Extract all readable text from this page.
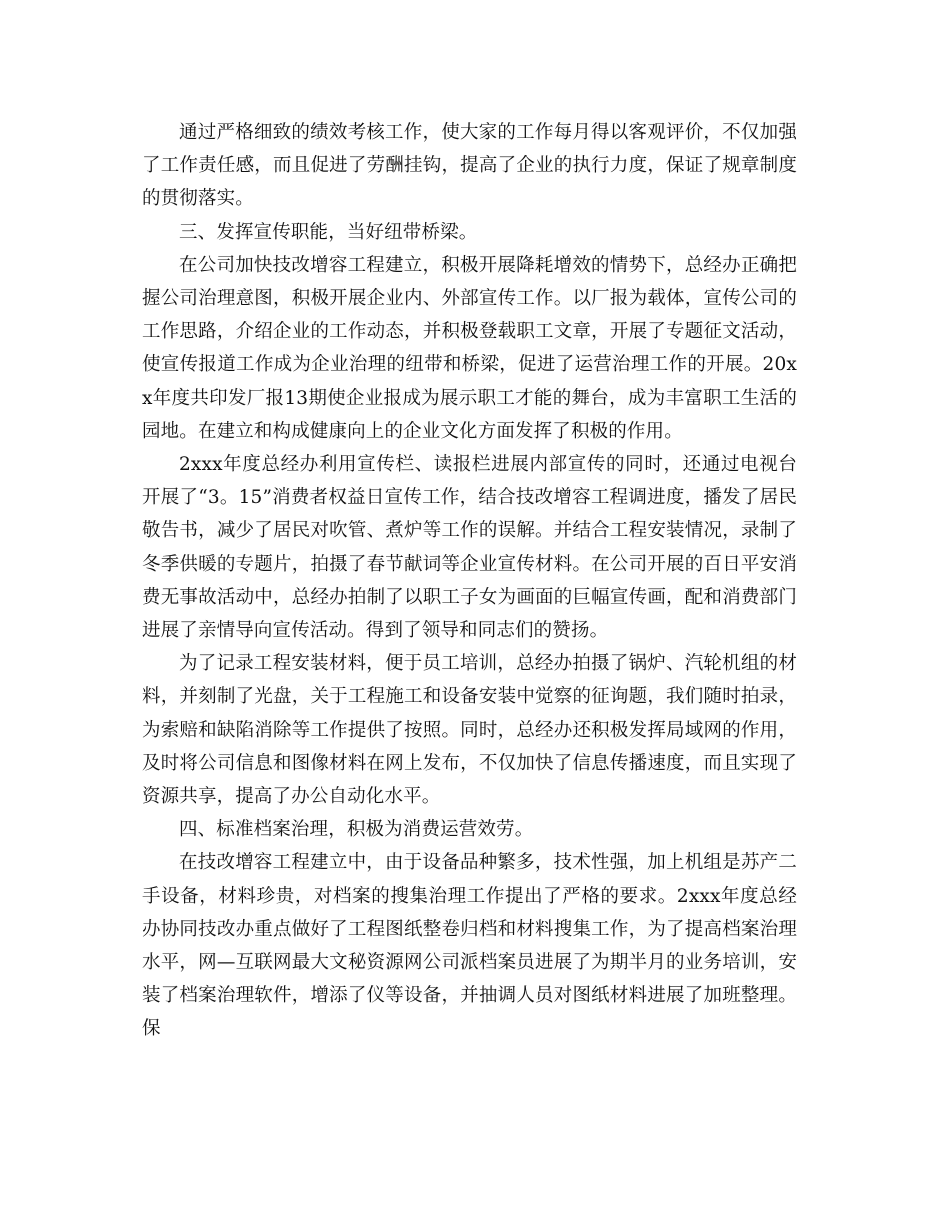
通过严格细致的绩效考核工作，使大家的工作每月得以客观评价，不仅加强了工作责任感，而且促进了劳酬挂钩，提高了企业的执行力度，保证了规章制度的贯彻落实。

三、发挥宣传职能，当好纽带桥梁。

在公司加快技改增容工程建立，积极开展降耗增效的情势下，总经办正确把握公司治理意图，积极开展企业内、外部宣传工作。以厂报为载体，宣传公司的工作思路，介绍企业的工作动态，并积极登载职工文章，开展了专题征文活动，使宣传报道工作成为企业治理的纽带和桥梁，促进了运营治理工作的开展。20xx年度共印发厂报13期使企业报成为展示职工才能的舞台，成为丰富职工生活的园地。在建立和构成健康向上的企业文化方面发挥了积极的作用。

2xxx年度总经办利用宣传栏、读报栏进展内部宣传的同时，还通过电视台开展了“3。15”消费者权益日宣传工作，结合技改增容工程调进度，播发了居民敬告书，减少了居民对吹管、煮炉等工作的误解。并结合工程安装情况，录制了冬季供暖的专题片，拍摄了春节献词等企业宣传材料。在公司开展的百日平安消费无事故活动中，总经办拍制了以职工子女为画面的巨幅宣传画，配和消费部门进展了亲情导向宣传活动。得到了领导和同志们的赞扬。

为了记录工程安装材料，便于员工培训，总经办拍摄了锅炉、汽轮机组的材料，并刻制了光盘，关于工程施工和设备安装中觉察的征询题，我们随时拍录，为索赔和缺陷消除等工作提供了按照。同时，总经办还积极发挥局域网的作用，及时将公司信息和图像材料在网上发布，不仅加快了信息传播速度，而且实现了资源共享，提高了办公自动化水平。

四、标准档案治理，积极为消费运营效劳。

在技改增容工程建立中，由于设备品种繁多，技术性强，加上机组是苏产二手设备，材料珍贵，对档案的搜集治理工作提出了严格的要求。2xxx年度总经办协同技改办重点做好了工程图纸整卷归档和材料搜集工作，为了提高档案治理水平，网—互联网最大文秘资源网公司派档案员进展了为期半月的业务培训，安装了档案治理软件，增添了仪等设备，并抽调人员对图纸材料进展了加班整理。保
